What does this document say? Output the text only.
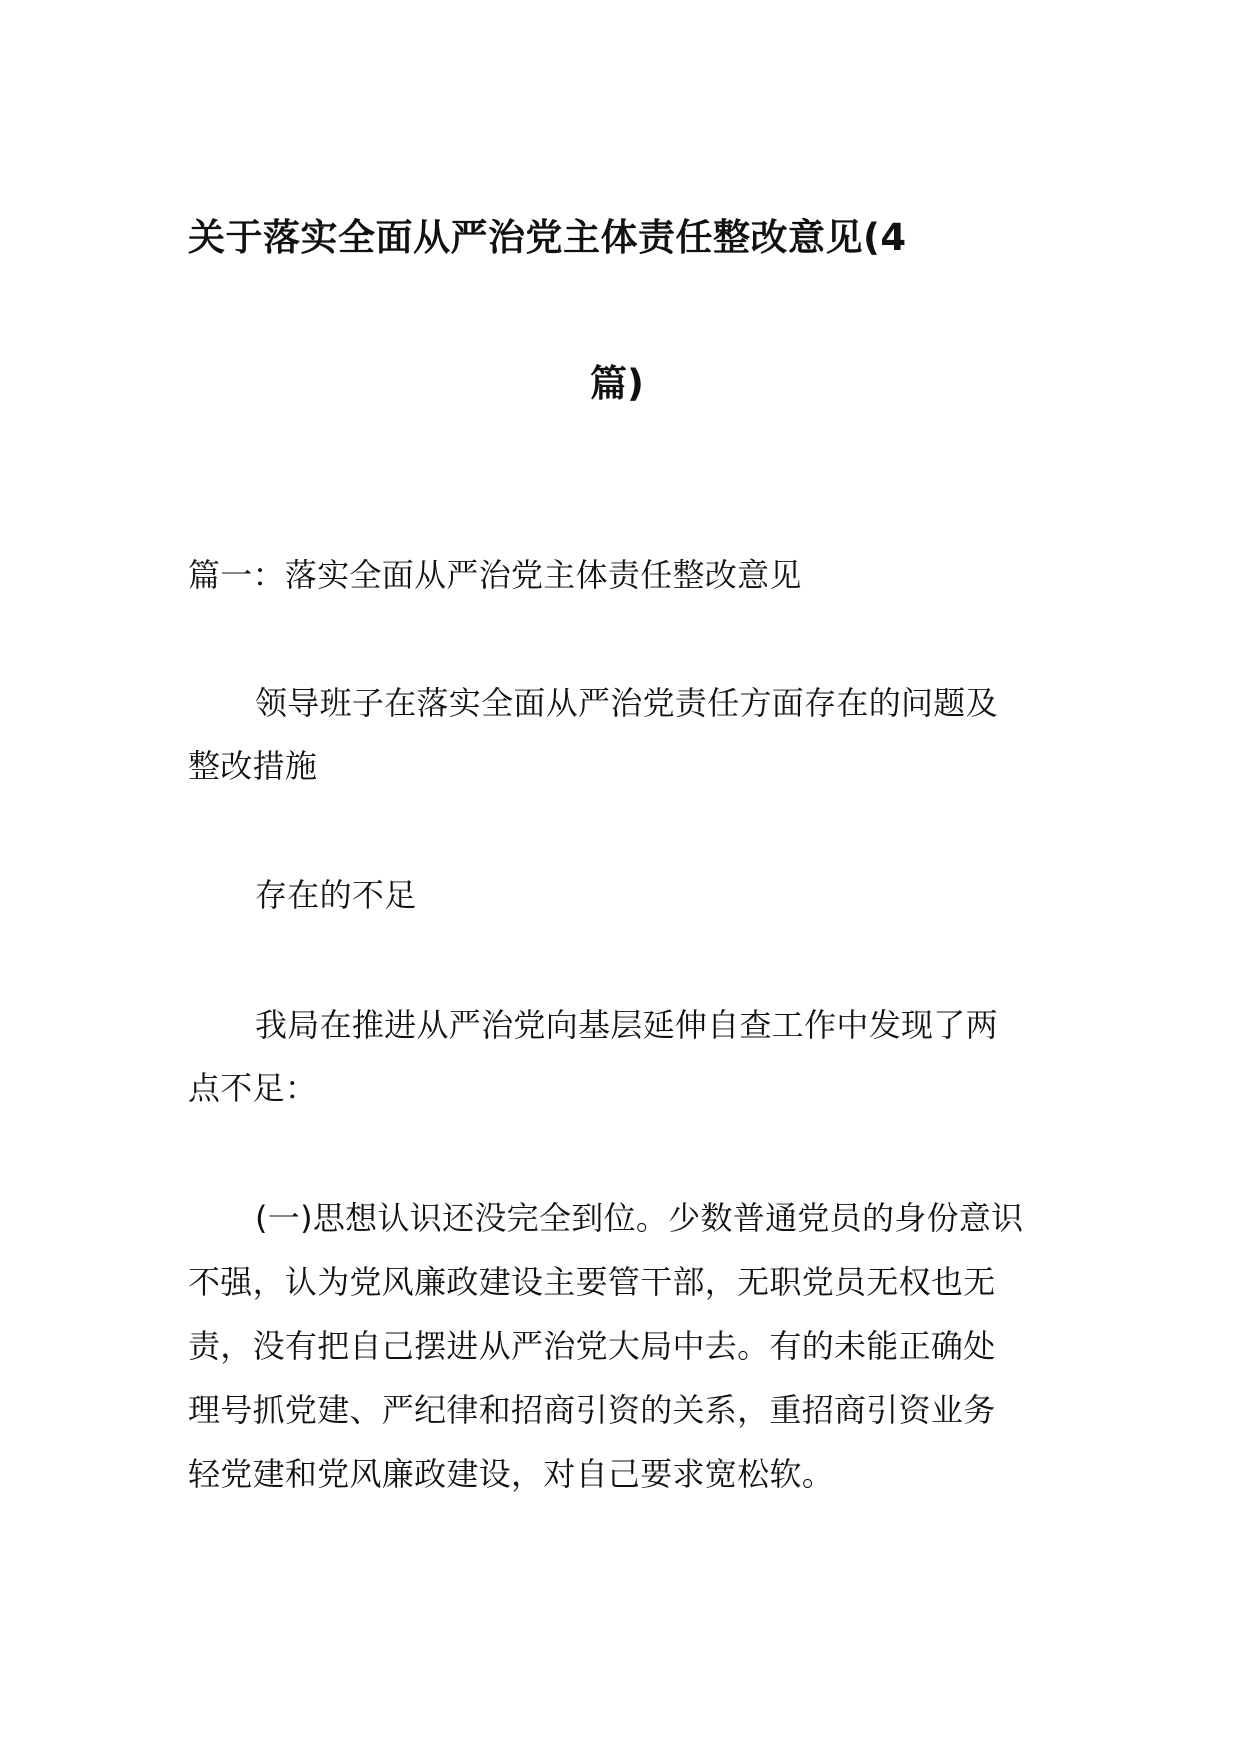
关于落实全面从严治党主体责任整改意见(4
篇)

篇一：落实全面从严治党主体责任整改意见

领导班子在落实全面从严治党责任方面存在的问题及

整改措施

存在的不足

我局在推进从严治党向基层延伸自查工作中发现了两

点不足：

(一)思想认识还没完全到位。少数普通党员的身份意识

不强，认为党风廉政建设主要管干部，无职党员无权也无

责，没有把自己摆进从严治党大局中去。有的未能正确处

理号抓党建、严纪律和招商引资的关系，重招商引资业务

轻党建和党风廉政建设，对自己要求宽松软。
